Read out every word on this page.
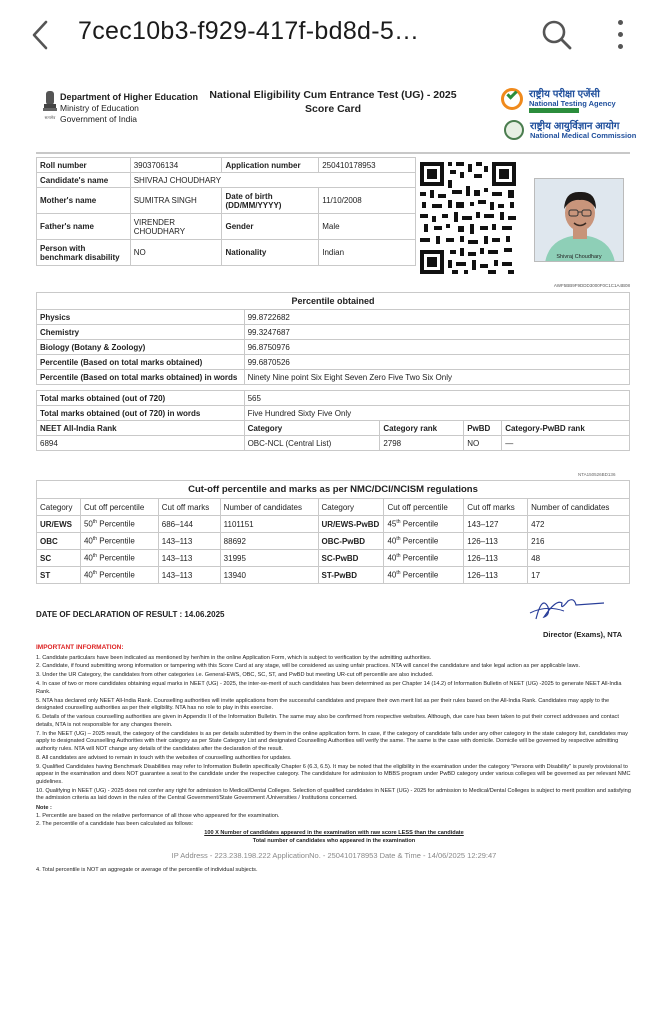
7cec10b3-f929-417f-bd8d-5…
सत्यमेव
Department of Higher Education
Ministry of Education
Government of India
National Eligibility Cum Entrance Test (UG) - 2025
Score Card
राष्ट्रीय परीक्षा एजेंसी
National Testing Agency
राष्ट्रीय आयुर्विज्ञान आयोग
National Medical Commission
Roll number	3903706134	Application number	250410178953
Candidate's name	SHIVRAJ CHOUDHARY		
Mother's name	SUMITRA SINGH	Date of birth (DD/MM/YYYY)	11/10/2008
Father's name	VIRENDER CHOUDHARY	Gender	Male
Person with benchmark disability	NO	Nationality	Indian	Shivraj Choudhary
AWF5BB9F9DDD3000F0C1C1A4B08
Percentile obtained				
Physics	99.8722682			
Chemistry	99.3247687			
Biology (Botany & Zoology)	96.8750976			
Percentile (Based on total marks obtained)	99.6870526			
Percentile (Based on total marks obtained) in words	Ninety Nine point Six Eight Seven Zero Five Two Six Only			

Total marks obtained (out of 720)	565			
Total marks obtained (out of 720) in words	Five Hundred Sixty Five Only			
NEET All-India Rank	Category	Category rank	PwBD	Category-PwBD rank
6894	OBC-NCL (Central List)	2798	NO	—
NTA150526BD136
Cut-off percentile and marks as per NMC/DCI/NCISM regulations							
Category	Cut off percentile	Cut off marks	Number of candidates	Category	Cut off percentile	Cut off marks	Number of candidates
UR/EWS	50th Percentile	686–144	1101151	UR/EWS-PwBD	45th Percentile	143–127	472
OBC	40th Percentile	143–113	88692	OBC-PwBD	40th Percentile	126–113	216
SC	40th Percentile	143–113	31995	SC-PwBD	40th Percentile	126–113	48
ST	40th Percentile	143–113	13940	ST-PwBD	40th Percentile	126–113	17
DATE OF DECLARATION OF RESULT : 14.06.2025
Director (Exams), NTA
IMPORTANT INFORMATION:

1. Candidate particulars have been indicated as mentioned by her/him in the online Application Form, which is subject to verification by the admitting authorities.

2. Candidate, if found submitting wrong information or tampering with this Score Card at any stage, will be considered as using unfair practices. NTA will cancel the candidature and take legal action as per applicable laws.

3. Under the UR Category, the candidates from other categories i.e. General-EWS, OBC, SC, ST, and PwBD but meeting UR-cut off percentile are also included.

4. In case of two or more candidates obtaining equal marks in NEET (UG) - 2025, the inter-se-merit of such candidates has been determined as per Chapter 14 (14.2) of Information Bulletin of NEET (UG) -2025 to generate NEET All-India Rank.

5. NTA has declared only NEET All-India Rank. Counselling authorities will invite applications from the successful candidates and prepare their own merit list as per their rules based on the All-India Rank. Candidates may apply to the designated counselling authorities as per their eligibility. NTA has no role to play in this exercise.

6. Details of the various counselling authorities are given in Appendix II of the Information Bulletin. The same may also be confirmed from respective websites. Although, due care has been taken to put their correct addresses and contact details, NTA is not responsible for any changes therein.

7. In the NEET (UG) – 2025 result, the category of the candidates is as per details submitted by them in the online application form. In case, if the category of candidate falls under any other category in the state category list, candidates may apply to designated Counselling Authorities with their category as per State Category List and designated Counselling Authorities will verify the same. The same is the case with domicile. Domicile will be governed by respective admitting authority rules. NTA will NOT change any details of the candidates after the declaration of the result.

8. All candidates are advised to remain in touch with the websites of counselling authorities for updates.

9. Qualified Candidates having Benchmark Disabilities may refer to Information Bulletin specifically Chapter 6 (6.3, 6.5). It may be noted that the eligibility in the examination under the category "Persons with Disability" is purely provisional to appear in the examination and does NOT guarantee a seat to the candidate under the respective category. The candidature for admission to MBBS program under PwBD category under various colleges will be governed as per relevant NMC guidelines.

10. Qualifying in NEET (UG) - 2025 does not confer any right for admission to Medical/Dental Colleges. Selection of qualified candidates in NEET (UG) - 2025 for admission to Medical/Dental Colleges is subject to merit position and satisfying the admission criteria as laid down in the rules of the Central Government/State Government /Universities / Institutions concerned.

Note :

1. Percentile are based on the relative performance of all those who appeared for the examination.

2. The percentile of a candidate has been calculated as follows:

100 X Number of candidates appeared in the examination with raw score LESS than the candidate
Total number of candidates who appeared in the examination
IP Address - 223.238.198.222 ApplicationNo. - 250410178953 Date & Time - 14/06/2025 12:29:47

4. Total percentile is NOT an aggregate or average of the percentile of individual subjects.
